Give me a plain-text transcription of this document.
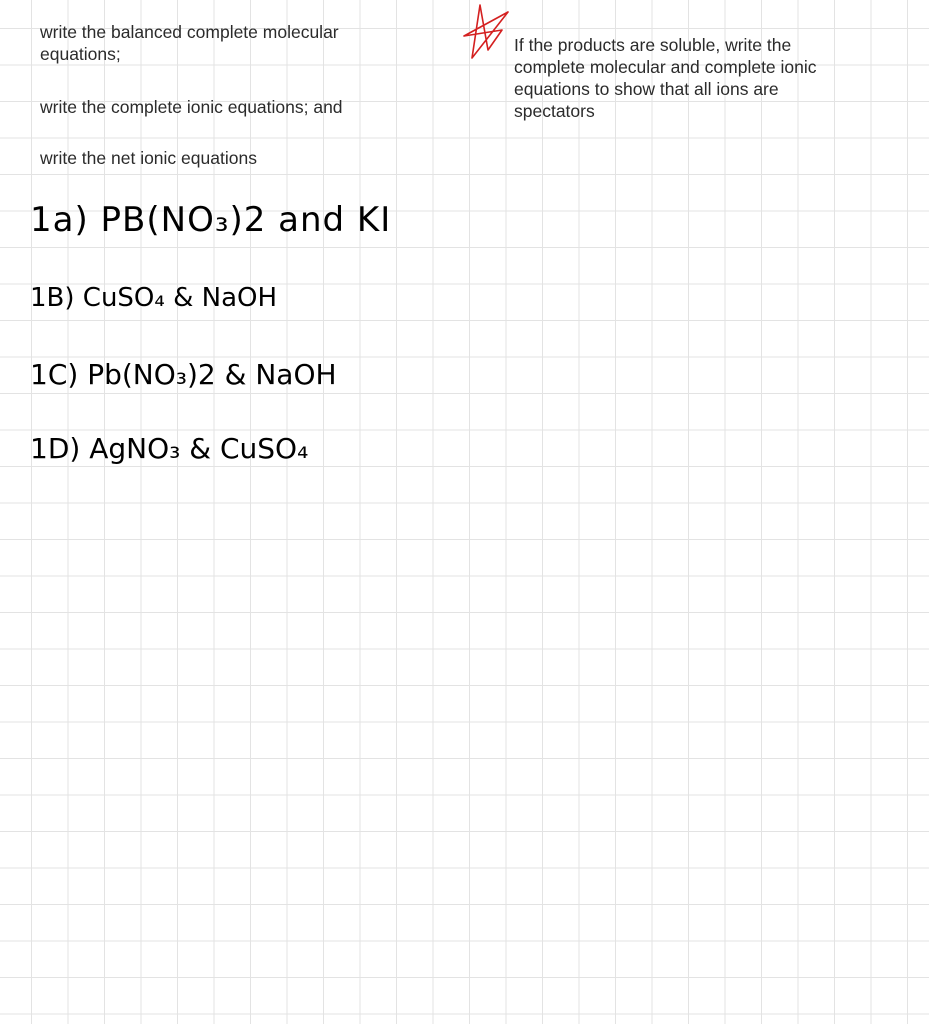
write the balanced complete molecular equations;

write the complete ionic equations; and

write the net ionic equations

If the products are soluble, write the complete molecular and complete ionic equations to show that all ions are spectators

1a) PB(NO₃)2 and KI
1B) CuSO₄ & NaOH
1C) Pb(NO₃)2 & NaOH
1D) AgNO₃ & CuSO₄
